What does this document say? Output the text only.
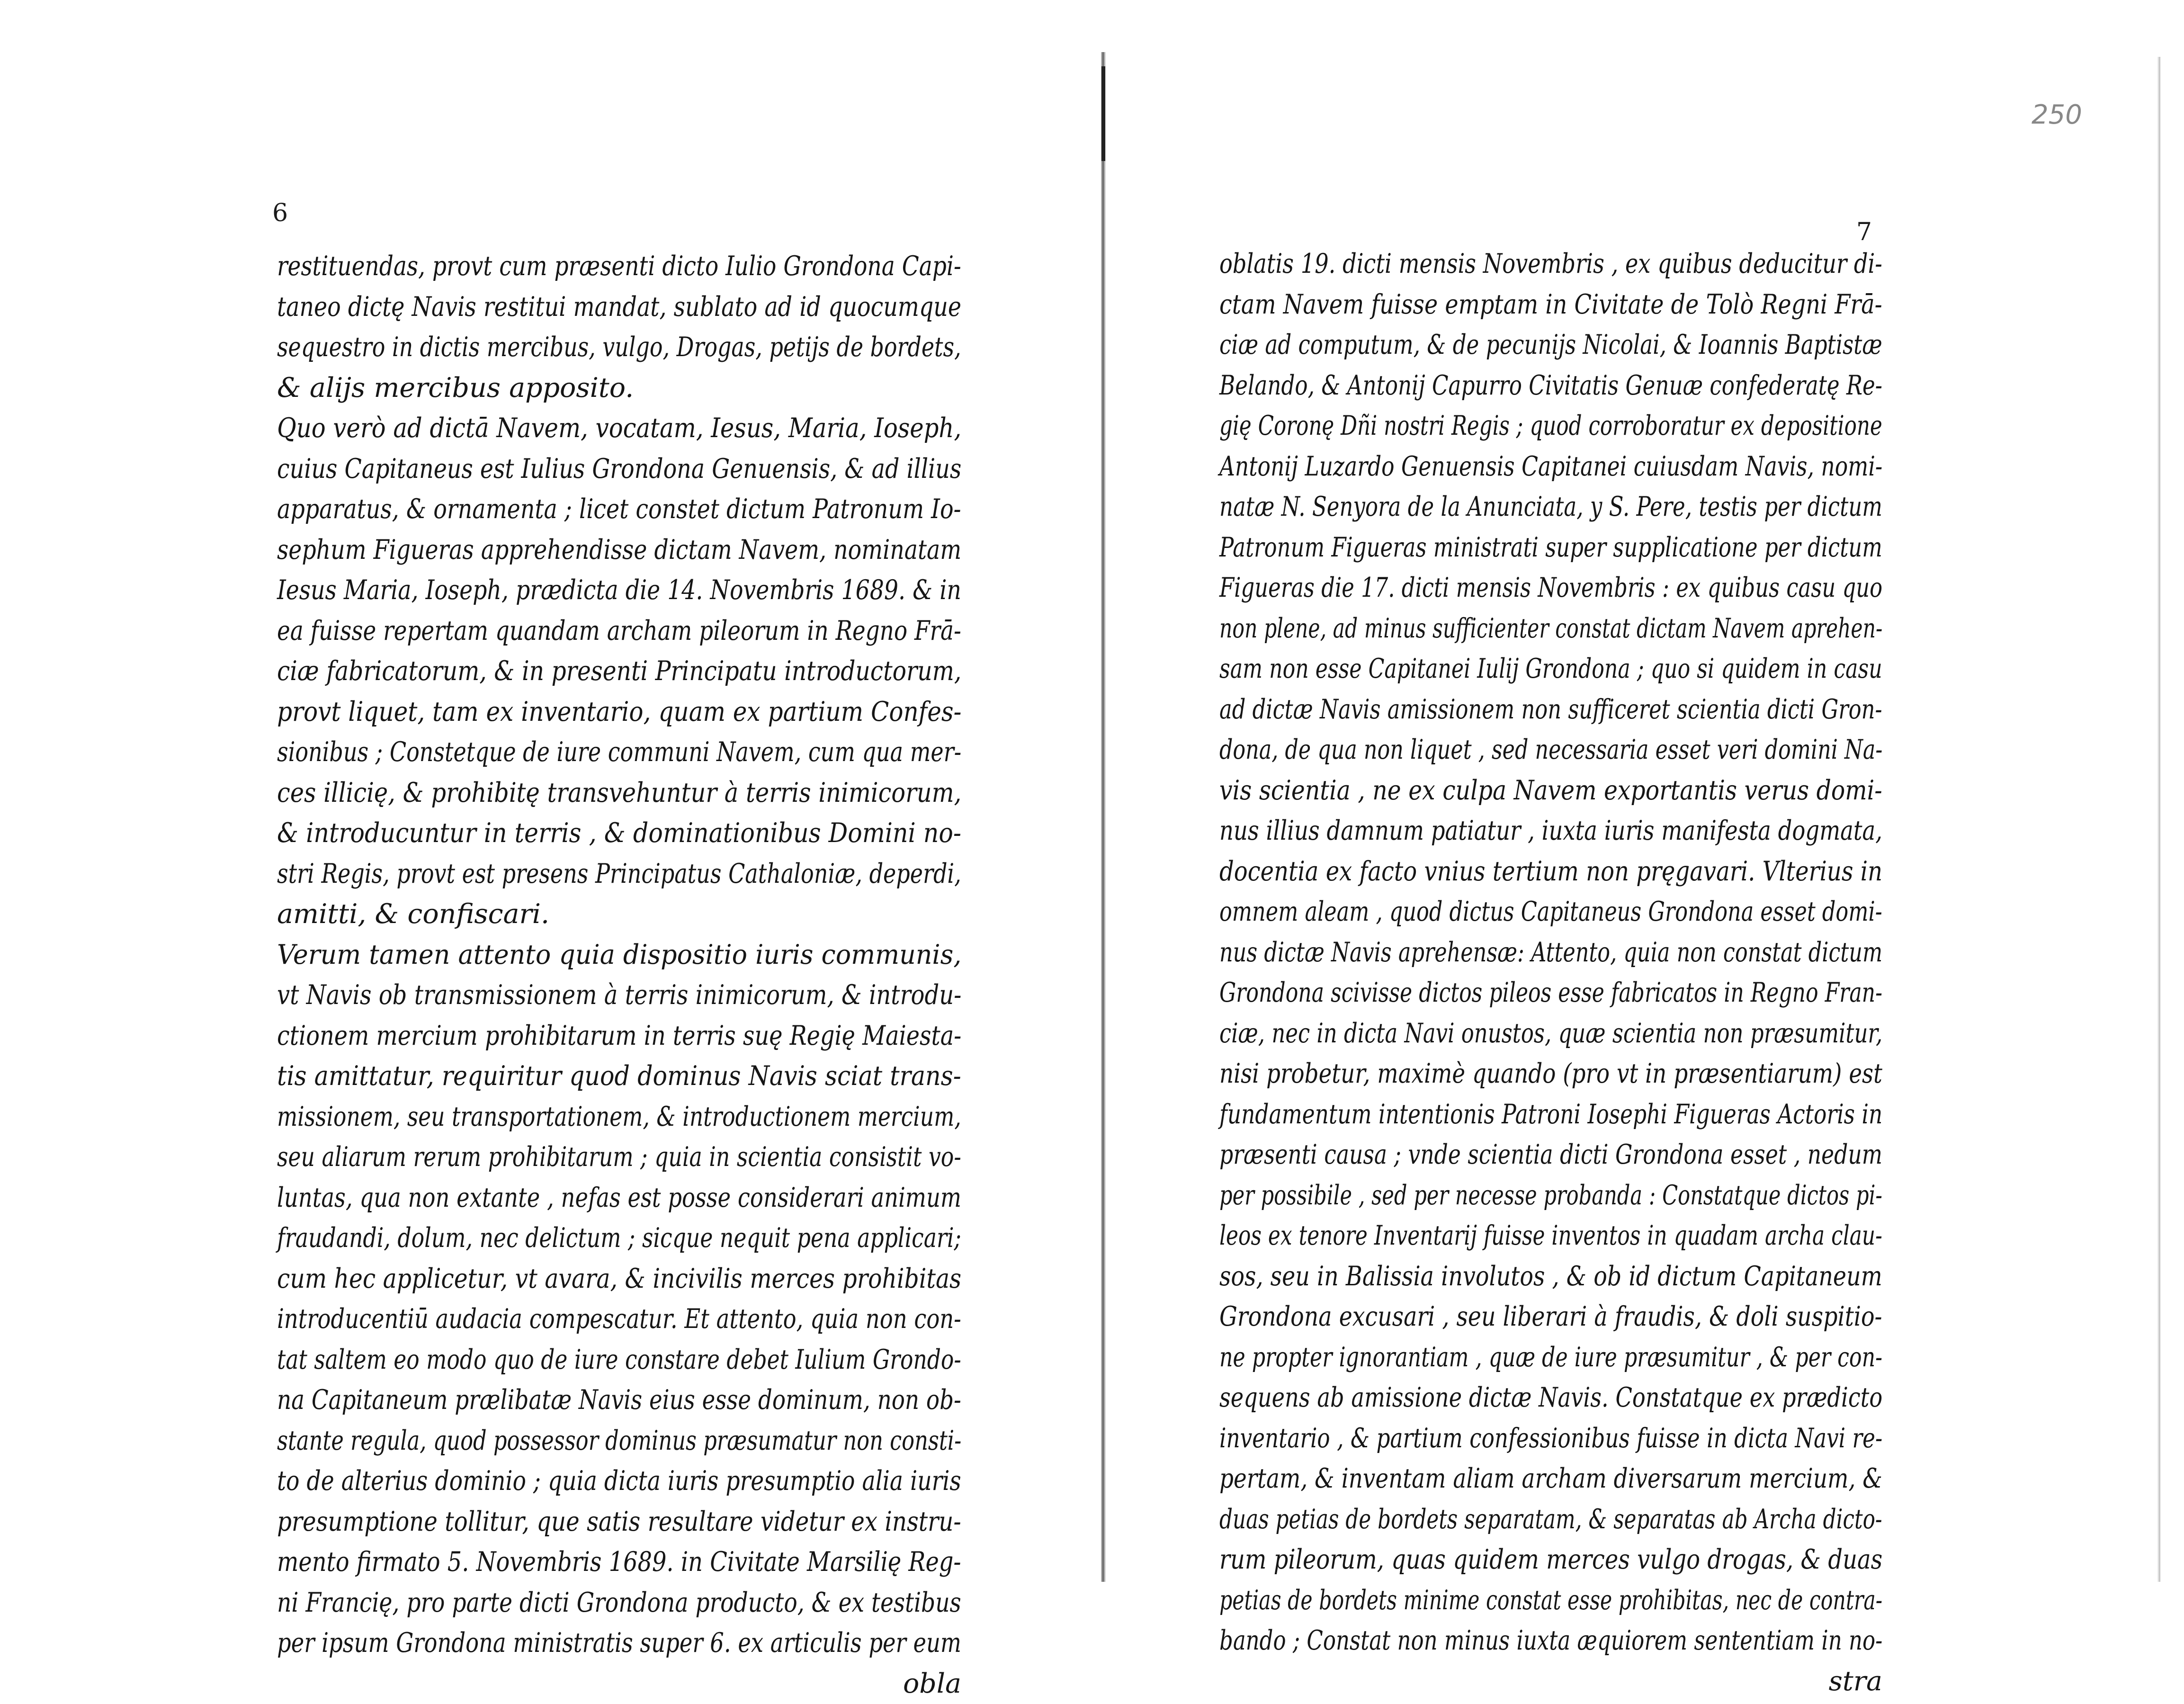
6
7
250
restituendas, provt cum præsenti dicto Iulio Grondona Capi-
taneo dictę Navis restitui mandat, sublato ad id quocumque
sequestro in dictis mercibus, vulgo, Drogas, petijs de bordets,
& alijs mercibus apposito.
Quo verò ad dictā Navem, vocatam, Iesus, Maria, Ioseph,
cuius Capitaneus est Iulius Grondona Genuensis, & ad illius
apparatus, & ornamenta ; licet constet dictum Patronum Io-
sephum Figueras apprehendisse dictam Navem, nominatam
Iesus Maria, Ioseph, prædicta die 14. Novembris 1689. & in
ea fuisse repertam quandam archam pileorum in Regno Frā-
ciæ fabricatorum, & in presenti Principatu introductorum,
provt liquet, tam ex inventario, quam ex partium Confes-
sionibus ; Constetque de iure communi Navem, cum qua mer-
ces illicię, & prohibitę transvehuntur à terris inimicorum,
& introducuntur in terris , & dominationibus Domini no-
stri Regis, provt est presens Principatus Cathaloniæ, deperdi,
amitti, & confiscari.
Verum tamen attento quia dispositio iuris communis,
vt Navis ob transmissionem à terris inimicorum, & introdu-
ctionem mercium prohibitarum in terris suę Regię Maiesta-
tis amittatur, requiritur quod dominus Navis sciat trans-
missionem, seu transportationem, & introductionem mercium,
seu aliarum rerum prohibitarum ; quia in scientia consistit vo-
luntas, qua non extante , nefas est posse considerari animum
fraudandi, dolum, nec delictum ; sicque nequit pena applicari;
cum hec applicetur, vt avara, & incivilis merces prohibitas
introducentiū audacia compescatur. Et attento, quia non con-
tat saltem eo modo quo de iure constare debet Iulium Grondo-
na Capitaneum prælibatæ Navis eius esse dominum, non ob-
stante regula, quod possessor dominus præsumatur non consti-
to de alterius dominio ; quia dicta iuris presumptio alia iuris
presumptione tollitur, que satis resultare videtur ex instru-
mento firmato 5. Novembris 1689. in Civitate Marsilię Reg-
ni Francię, pro parte dicti Grondona producto, & ex testibus
per ipsum Grondona ministratis super 6. ex articulis per eum
obla
oblatis 19. dicti mensis Novembris , ex quibus deducitur di-
ctam Navem fuisse emptam in Civitate de Tolò Regni Frā-
ciæ ad computum, & de pecunijs Nicolai, & Ioannis Baptistæ
Belando, & Antonij Capurro Civitatis Genuæ confederatę Re-
gię Coronę Dñi nostri Regis ; quod corroboratur ex depositione
Antonij Luzardo Genuensis Capitanei cuiusdam Navis, nomi-
natæ N. Senyora de la Anunciata, y S. Pere, testis per dictum
Patronum Figueras ministrati super supplicatione per dictum
Figueras die 17. dicti mensis Novembris : ex quibus casu quo
non plene, ad minus sufficienter constat dictam Navem aprehen-
sam non esse Capitanei Iulij Grondona ; quo si quidem in casu
ad dictæ Navis amissionem non sufficeret scientia dicti Gron-
dona, de qua non liquet , sed necessaria esset veri domini Na-
vis scientia , ne ex culpa Navem exportantis verus domi-
nus illius damnum patiatur , iuxta iuris manifesta dogmata,
docentia ex facto vnius tertium non pręgavari. Vlterius in
omnem aleam , quod dictus Capitaneus Grondona esset domi-
nus dictæ Navis aprehensæ: Attento, quia non constat dictum
Grondona scivisse dictos pileos esse fabricatos in Regno Fran-
ciæ, nec in dicta Navi onustos, quæ scientia non præsumitur,
nisi probetur, maximè quando (pro vt in præsentiarum) est
fundamentum intentionis Patroni Iosephi Figueras Actoris in
præsenti causa ; vnde scientia dicti Grondona esset , nedum
per possibile , sed per necesse probanda : Constatque dictos pi-
leos ex tenore Inventarij fuisse inventos in quadam archa clau-
sos, seu in Balissia involutos , & ob id dictum Capitaneum
Grondona excusari , seu liberari à fraudis, & doli suspitio-
ne propter ignorantiam , quæ de iure præsumitur , & per con-
sequens ab amissione dictæ Navis. Constatque ex prædicto
inventario , & partium confessionibus fuisse in dicta Navi re-
pertam, & inventam aliam archam diversarum mercium, &
duas petias de bordets separatam, & separatas ab Archa dicto-
rum pileorum, quas quidem merces vulgo drogas, & duas
petias de bordets minime constat esse prohibitas, nec de contra-
bando ; Constat non minus iuxta æquiorem sententiam in no-
stra
